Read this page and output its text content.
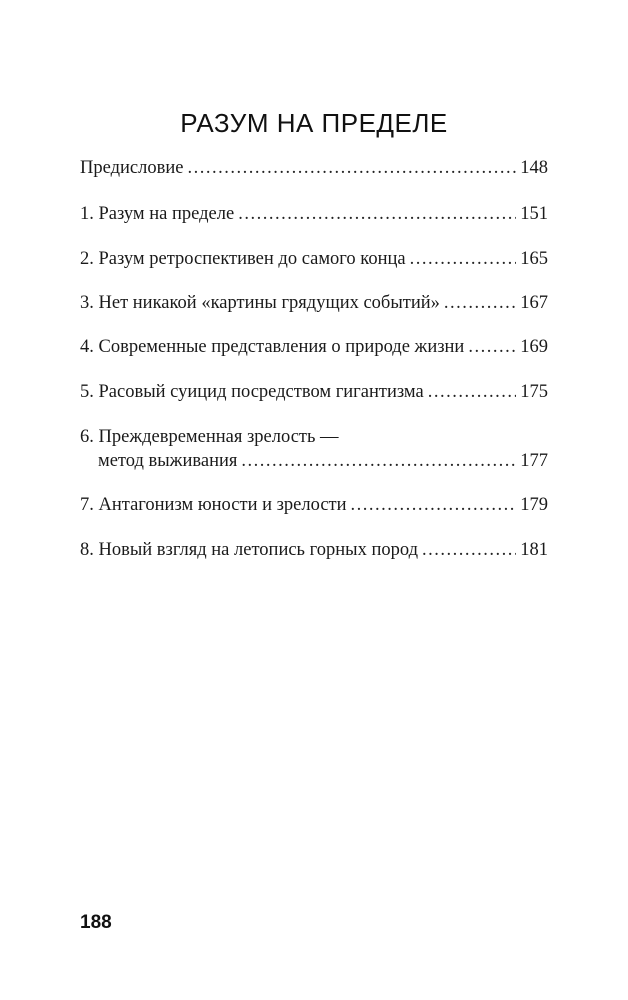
РАЗУМ НА ПРЕДЕЛЕ
Предисловие .....	148
1. Разум на пределе .....	151
2. Разум ретроспективен до самого конца .....	165
3. Нет никакой «картины грядущих событий» .....	167
4. Современные представления о природе жизни .....	169
5. Расовый суицид посредством гигантизма .....	175
6. Преждевременная зрелость —
метод выживания .....	177
7. Антагонизм юности и зрелости .....	179
8. Новый взгляд на летопись горных пород .....	181
188
